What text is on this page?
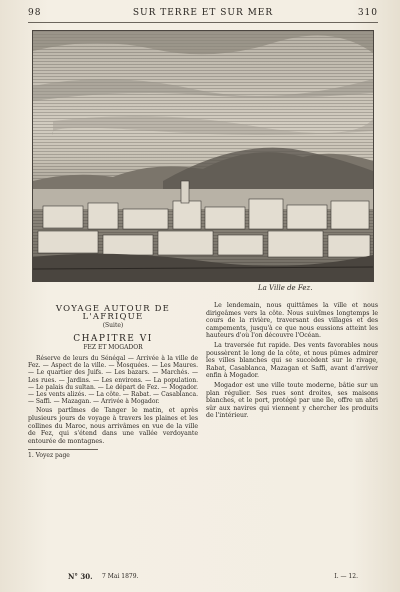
98	SUR TERRE ET SUR MER	310
La Ville de Fez.
VOYAGE AUTOUR DE L'AFRIQUE
(Suite)
CHAPITRE VI
FEZ ET MOGADOR
Réserve de leurs du Sénégal — Arrivée à la ville de Fez. — Aspect de la ville. — Mosquées. — Les Maures. — Le quartier des Juifs. — Les bazars. — Marchés. — Les rues. — Jardins. — Les environs. — La population. — Le palais du sultan. — Le départ de Fez. — Mogador. — Les vents alizés. — La côte. — Rabat. — Casablanca. — Saffi. — Mazagan. — Arrivée à Mogador.
Nous partîmes de Tanger le matin, et après plusieurs jours de voyage à travers les plaines et les collines du Maroc, nous arrivâmes en vue de la ville de Fez, qui s'étend dans une vallée verdoyante entourée de montagnes.
1. Voyez page
Le lendemain, nous quittâmes la ville et nous dirigeâmes vers la côte. Nous suivîmes longtemps le cours de la rivière, traversant des villages et des campements, jusqu'à ce que nous eussions atteint les hauteurs d'où l'on découvre l'Océan.
La traversée fut rapide. Des vents favorables nous poussèrent le long de la côte, et nous pûmes admirer les villes blanches qui se succèdent sur le rivage, Rabat, Casablanca, Mazagan et Saffi, avant d'arriver enfin à Mogador.
Mogador est une ville toute moderne, bâtie sur un plan régulier. Ses rues sont droites, ses maisons blanches, et le port, protégé par une île, offre un abri sûr aux navires qui viennent y chercher les produits de l'intérieur.
N° 30. 7 Mai 1879.	I. — 12.
